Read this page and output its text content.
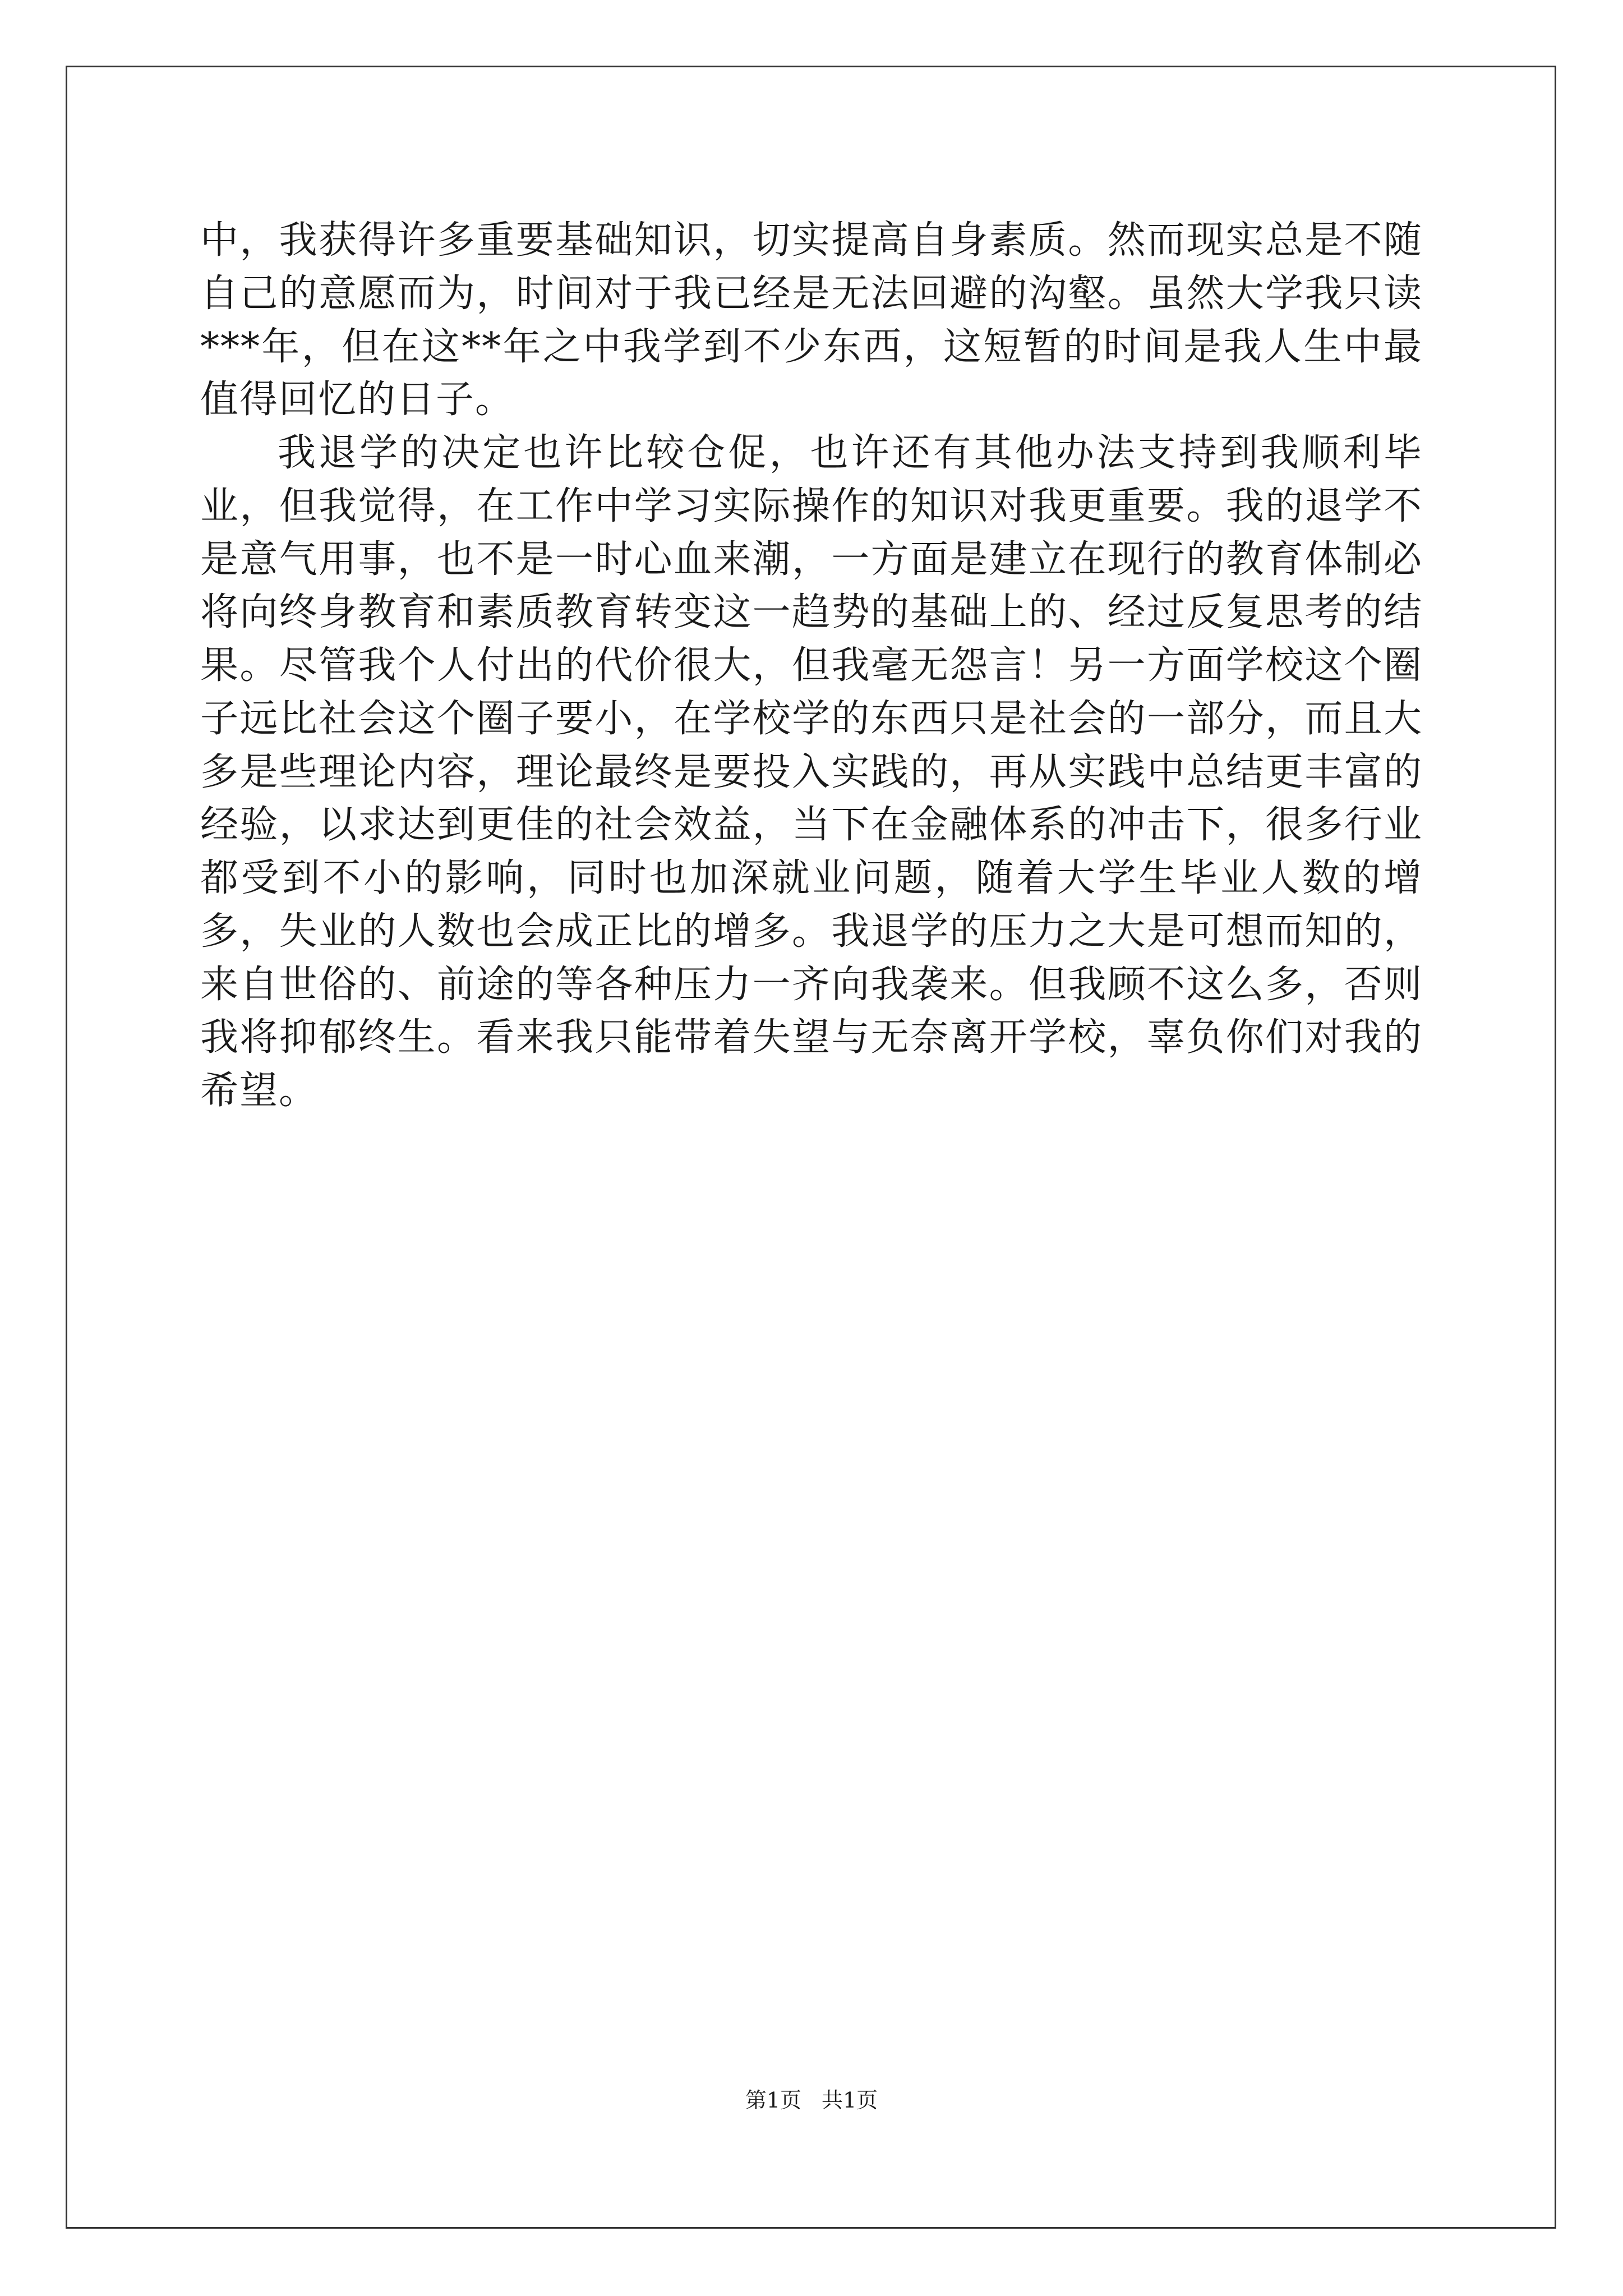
中，我获得许多重要基础知识，切实提高自身素质。然而现实总是不随自己的意愿而为，时间对于我已经是无法回避的沟壑。虽然大学我只读***年，但在这**年之中我学到不少东西，这短暂的时间是我人生中最值得回忆的日子。

我退学的决定也许比较仓促，也许还有其他办法支持到我顺利毕业，但我觉得，在工作中学习实际操作的知识对我更重要。我的退学不是意气用事，也不是一时心血来潮，一方面是建立在现行的教育体制必将向终身教育和素质教育转变这一趋势的基础上的、经过反复思考的结果。尽管我个人付出的代价很大，但我毫无怨言！另一方面学校这个圈子远比社会这个圈子要小，在学校学的东西只是社会的一部分，而且大多是些理论内容，理论最终是要投入实践的，再从实践中总结更丰富的经验，以求达到更佳的社会效益，当下在金融体系的冲击下，很多行业都受到不小的影响，同时也加深就业问题，随着大学生毕业人数的增多，失业的人数也会成正比的增多。我退学的压力之大是可想而知的，来自世俗的、前途的等各种压力一齐向我袭来。但我顾不这么多，否则我将抑郁终生。看来我只能带着失望与无奈离开学校，辜负你们对我的希望。

第1页 共1页
